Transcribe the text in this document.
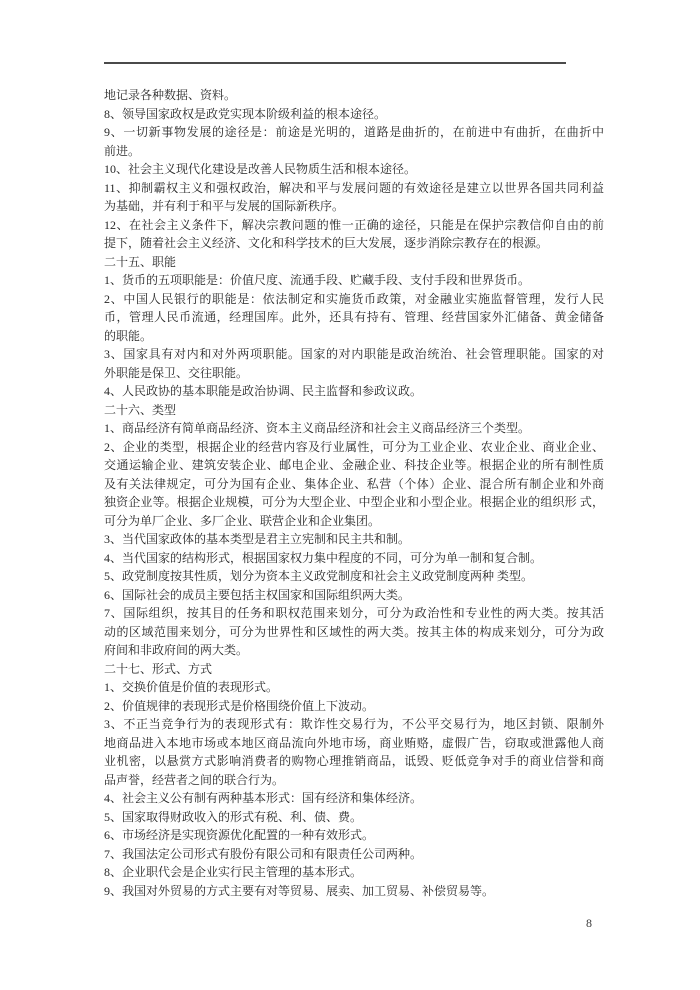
地记录各种数据、资料。
8、领导国家政权是政党实现本阶级利益的根本途径。
9、一切新事物发展的途径是：前途是光明的，道路是曲折的，在前进中有曲折，在曲折中
前进。
10、社会主义现代化建设是改善人民物质生活和根本途径。
11、抑制霸权主义和强权政治，解决和平与发展问题的有效途径是建立以世界各国共同利益
为基础，并有利于和平与发展的国际新秩序。
12、在社会主义条件下，解决宗教问题的惟一正确的途径，只能是在保护宗教信仰自由的前
提下，随着社会主义经济、文化和科学技术的巨大发展，逐步消除宗教存在的根源。
二十五、职能
1、货币的五项职能是：价值尺度、流通手段、贮藏手段、支付手段和世界货币。
2、中国人民银行的职能是：依法制定和实施货币政策，对金融业实施监督管理，发行人民
币，管理人民币流通，经理国库。此外，还具有持有、管理、经营国家外汇储备、黄金储备
的职能。
3、国家具有对内和对外两项职能。国家的对内职能是政治统治、社会管理职能。国家的对
外职能是保卫、交往职能。
4、人民政协的基本职能是政治协调、民主监督和参政议政。
二十六、类型
1、商品经济有简单商品经济、资本主义商品经济和社会主义商品经济三个类型。
2、企业的类型，根据企业的经营内容及行业属性，可分为工业企业、农业企业、商业企业、
交通运输企业、建筑安装企业、邮电企业、金融企业、科技企业等。根据企业的所有制性质
及有关法律规定，可分为国有企业、集体企业、私营（个体）企业、混合所有制企业和外商
独资企业等。根据企业规模，可分为大型企业、中型企业和小型企业。根据企业的组织形 式，
可分为单厂企业、多厂企业、联营企业和企业集团。
3、当代国家政体的基本类型是君主立宪制和民主共和制。
4、当代国家的结构形式，根据国家权力集中程度的不同，可分为单一制和复合制。
5、政党制度按其性质，划分为资本主义政党制度和社会主义政党制度两种 类型。
6、国际社会的成员主要包括主权国家和国际组织两大类。
7、国际组织，按其目的任务和职权范围来划分，可分为政治性和专业性的两大类。按其活
动的区域范围来划分，可分为世界性和区域性的两大类。按其主体的构成来划分，可分为政
府间和非政府间的两大类。
二十七、形式、方式
1、交换价值是价值的表现形式。
2、价值规律的表现形式是价格围绕价值上下波动。
3、不正当竞争行为的表现形式有：欺诈性交易行为，不公平交易行为，地区封锁、限制外
地商品进入本地市场或本地区商品流向外地市场，商业贿赂，虚假广告，窃取或泄露他人商
业机密，以悬赏方式影响消费者的购物心理推销商品，诋毁、贬低竞争对手的商业信誉和商
品声誉，经营者之间的联合行为。
4、社会主义公有制有两种基本形式：国有经济和集体经济。
5、国家取得财政收入的形式有税、利、债、费。
6、市场经济是实现资源优化配置的一种有效形式。
7、我国法定公司形式有股份有限公司和有限责任公司两种。
8、企业职代会是企业实行民主管理的基本形式。
9、我国对外贸易的方式主要有对等贸易、展卖、加工贸易、补偿贸易等。
8
